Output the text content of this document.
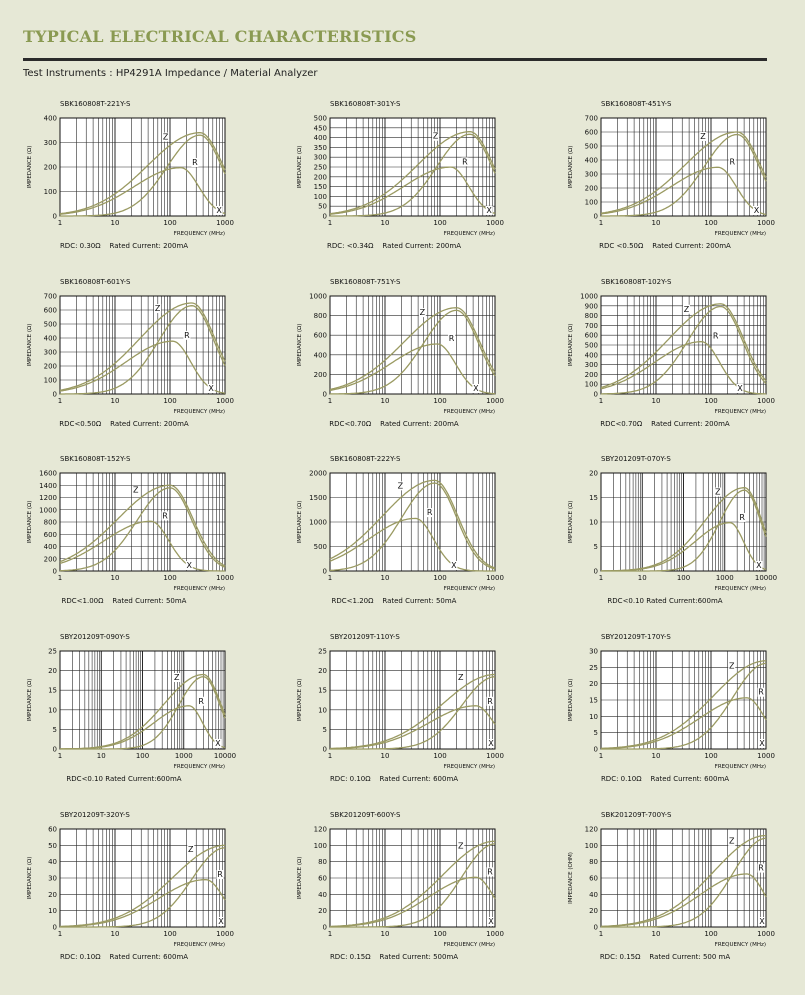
TYPICAL ELECTRICAL CHARACTERISTICS
Test Instruments : HP4291A Impedance / Material Analyzer
SBK160808T-221Y-S
RDC: 0.30Ω    Rated Current: 200mA
0
100
200
300
400
1	10	100	1000
FREQUENCY (MHz)
IMPEDANCE (Ω)
Z
R
X
SBK160808T-301Y-S
RDC: <0.34Ω    Rated Current: 200mA
0
50
100
150
200
250
300
350
400
450
500
1	10	100	1000
FREQUENCY (MHz)
IMPEDANCE (Ω)
Z
R
X
SBK160808T-451Y-S
RDC <0.50Ω    Rated Current: 200mA
0
100
200
300
400
500
600
700
1	10	100	1000
FREQUENCY (MHz)
IMPEDANCE (Ω)
Z
R
X
SBK160808T-601Y-S
RDC<0.50Ω    Rated Current: 200mA
0
100
200
300
400
500
600
700
1	10	100	1000
FREQUENCY (MHz)
IMPEDANCE (Ω)
Z
R
X
SBK160808T-751Y-S
RDC<0.70Ω    Rated Current: 200mA
0
200
400
600
800
1000
1	10	100	1000
FREQUENCY (MHz)
IMPEDANCE (Ω)
Z
R
X
SBK160808T-102Y-S
RDC<0.70Ω    Rated Current: 200mA
0
100
200
300
400
500
600
700
800
900
1000
1	10	100	1000
FREQUENCY (MHz)
IMPEDANCE (Ω)
Z
R
X
SBK160808T-152Y-S
RDC<1.00Ω    Rated Current: 50mA
0
200
400
600
800
1000
1200
1400
1600
1	10	100	1000
FREQUENCY (MHz)
IMPEDANCE (Ω)
Z
R
X
SBK160808T-222Y-S
RDC<1.20Ω    Rated Current: 50mA
0
500
1000
1500
2000
1	10	100	1000
FREQUENCY (MHz)
IMPEDANCE (Ω)
Z
R
X
SBY201209T-070Y-S
RDC<0.10 Rated Current:600mA
0
5
10
15
20
1	10	100	1000	10000
FREQUENCY (MHz)
IMPEDANCE (Ω)
Z
R
X
SBY201209T-090Y-S
RDC<0.10 Rated Current:600mA
0
5
10
15
20
25
1	10	100	1000	10000
FREQUENCY (MHz)
IMPEDANCE (Ω)
Z
R
X
SBY201209T-110Y-S
RDC: 0.10Ω    Rated Current: 600mA
0
5
10
15
20
25
1	10	100	1000
FREQUENCY (MHz)
IMPEDANCE (Ω)
Z
R
X
SBY201209T-170Y-S
RDC: 0.10Ω    Rated Current: 600mA
0
5
10
15
20
25
30
1	10	100	1000
FREQUENCY (MHz)
IMPEDANCE (Ω)
Z
R
X
SBY201209T-320Y-S
RDC: 0.10Ω    Rated Current: 600mA
0
10
20
30
40
50
60
1	10	100	1000
FREQUENCY (MHz)
IMPEDANCE (Ω)
Z
R
X
SBK201209T-600Y-S
RDC: 0.15Ω    Rated Current: 500mA
0
20
40
60
80
100
120
1	10	100	1000
FREQUENCY (MHz)
IMPEDANCE (Ω)
Z
R
X
SBK201209T-700Y-S
RDC: 0.15Ω    Rated Current: 500 mA
0
20
40
60
80
100
120
1	10	100	1000
FREQUENCY (MHz)
IMPEDANCE (OHM)
Z
R
X
